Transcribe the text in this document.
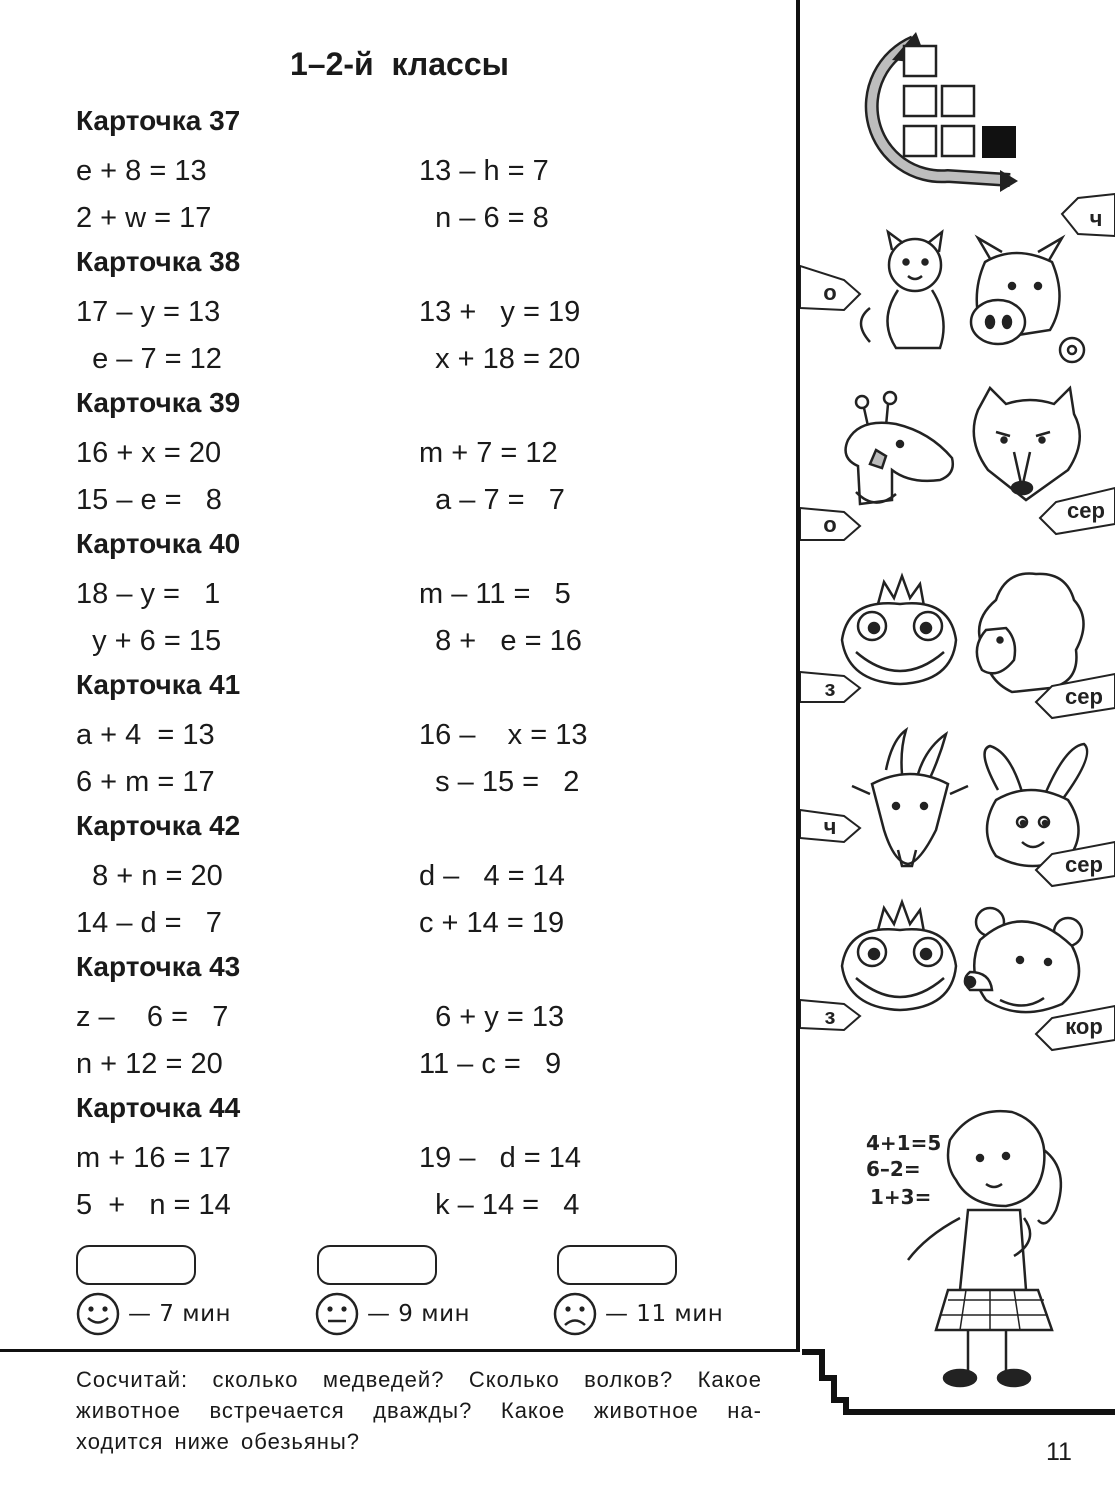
1–2-й  классы
Карточка 37
e + 8 = 13	13 – h = 7
2 + w = 17	n – 6 = 8
Карточка 38
17 – y = 13	13 +   y = 19
e – 7 = 12	x + 18 = 20
Карточка 39
16 + x = 20	m + 7 = 12
15 – e =   8	a – 7 =   7
Карточка 40
18 – y =   1	m – 11 =   5
y + 6 = 15	8 +   e = 16
Карточка 41
a + 4  = 13	16 –    x = 13
6 + m = 17	s – 15 =   2
Карточка 42
8 + n = 20	d –   4 = 14
14 – d =   7	c + 14 = 19
Карточка 43
z –    6 =   7	6 + y = 13
n + 12 = 20	11 – c =   9
Карточка 44
m + 16 = 17	19 –   d = 14
5  +   n = 14	k – 14 =   4
— 7 мин	— 9 мин	— 11 мин

Сосчитай: сколько медведей? Сколько волков? Какое животное встречается дважды? Какое животное на-ходится ниже обезьяны?	11
ч
о
о
сер
з	сер
ч
сер
з	кор
4+1=5
6–2=
1+3=
